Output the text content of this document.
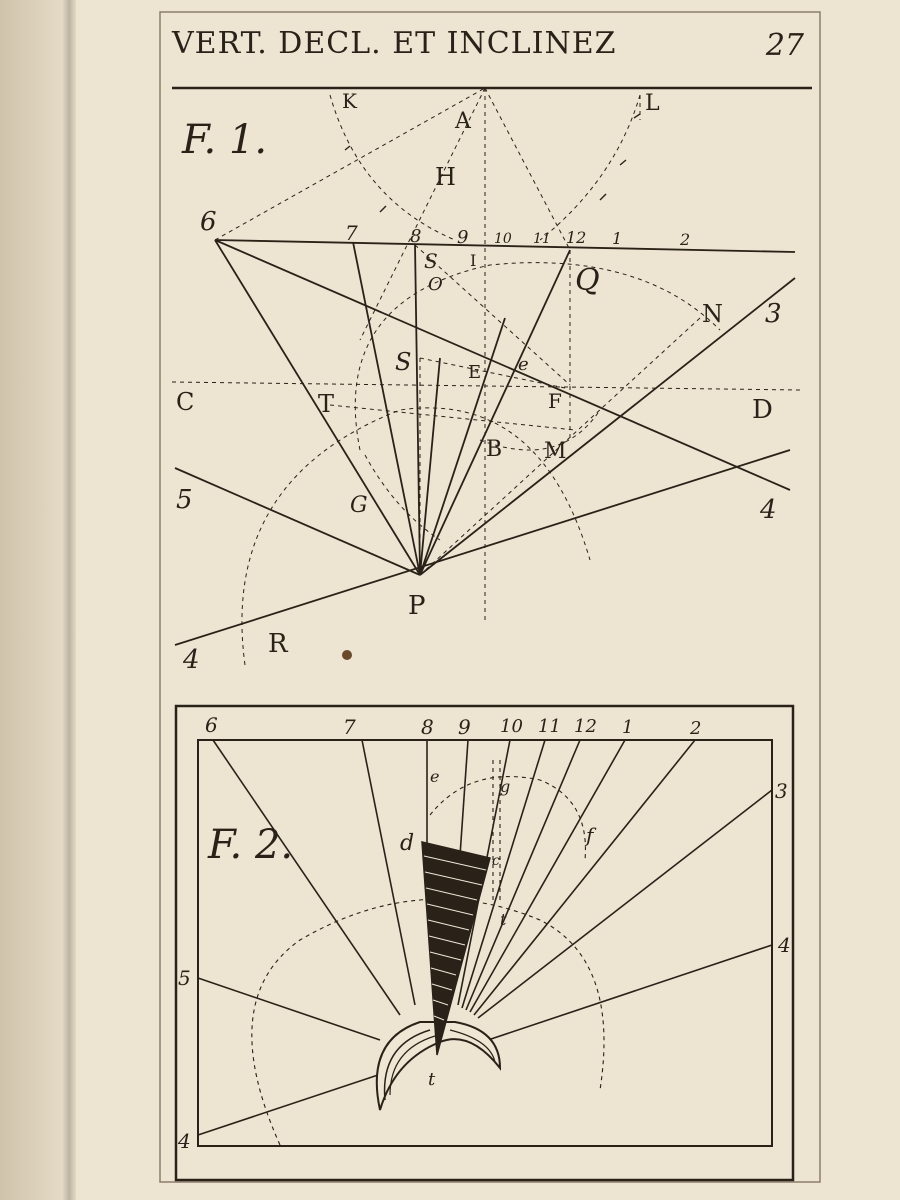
VERT. DECL. ET INCLINEZ	27
F. 1.
7	8 9 10 11 12 1	2
6
3
4
5
4
K
A
L
H
S I
O	Q
N
S	E e
C	T	F	D
B M
G
P
R
F. 2.
6	7	8 9 10 11 12 1	2
3
4
5
4
d
e
g
c
f
t
t
